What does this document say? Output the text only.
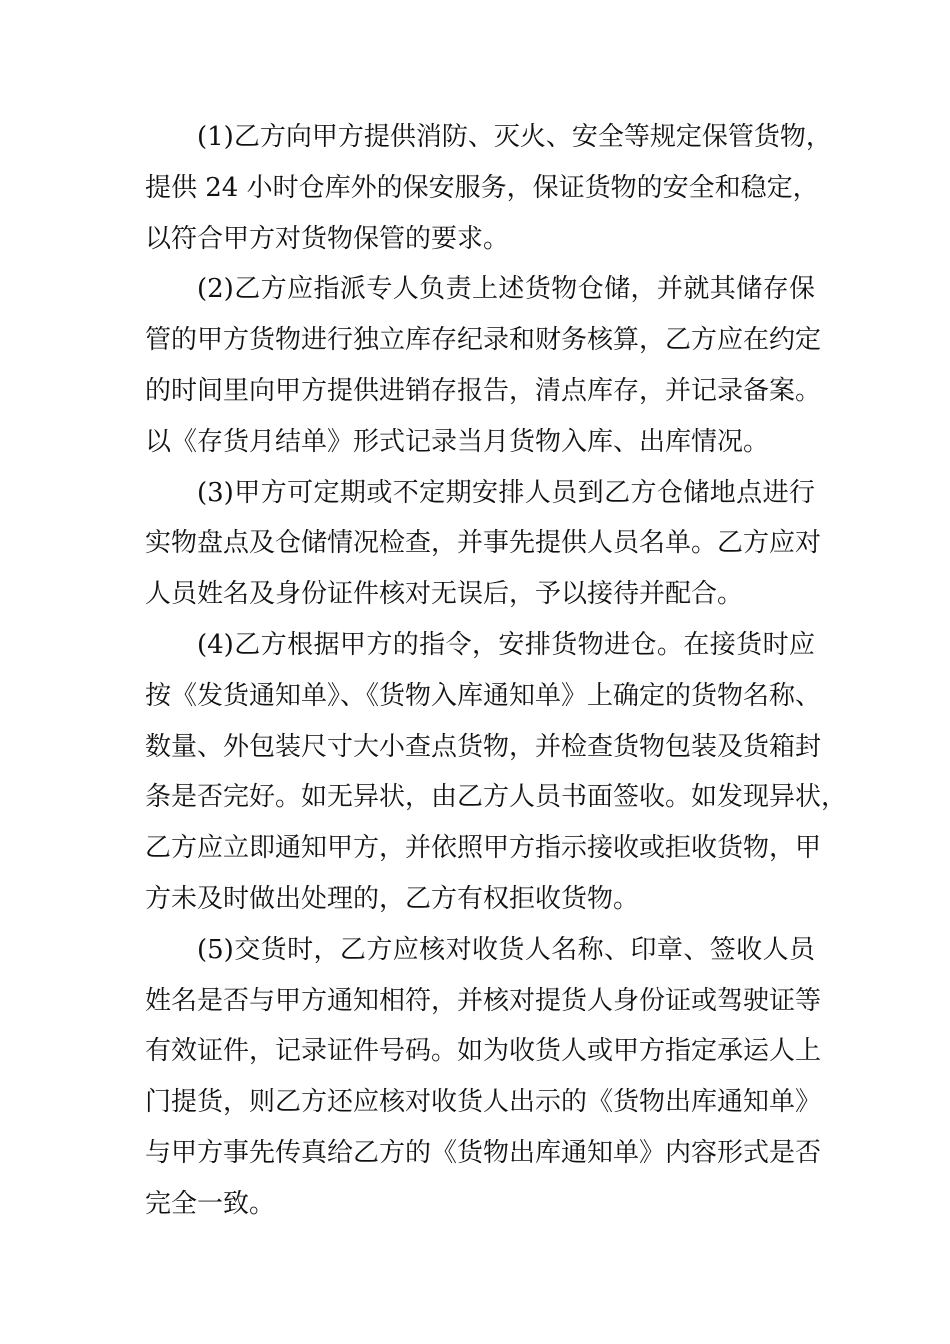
(1)乙方向甲方提供消防、灭火、安全等规定保管货物，
提供 24 小时仓库外的保安服务，保证货物的安全和稳定，
以符合甲方对货物保管的要求。
(2)乙方应指派专人负责上述货物仓储，并就其储存保
管的甲方货物进行独立库存纪录和财务核算，乙方应在约定
的时间里向甲方提供进销存报告，清点库存，并记录备案。
以《存货月结单》形式记录当月货物入库、出库情况。
(3)甲方可定期或不定期安排人员到乙方仓储地点进行
实物盘点及仓储情况检查，并事先提供人员名单。乙方应对
人员姓名及身份证件核对无误后，予以接待并配合。
(4)乙方根据甲方的指令，安排货物进仓。在接货时应
按《发货通知单》、《货物入库通知单》上确定的货物名称、
数量、外包装尺寸大小查点货物，并检查货物包装及货箱封
条是否完好。如无异状，由乙方人员书面签收。如发现异状，
乙方应立即通知甲方，并依照甲方指示接收或拒收货物，甲
方未及时做出处理的，乙方有权拒收货物。
(5)交货时，乙方应核对收货人名称、印章、签收人员
姓名是否与甲方通知相符，并核对提货人身份证或驾驶证等
有效证件，记录证件号码。如为收货人或甲方指定承运人上
门提货，则乙方还应核对收货人出示的《货物出库通知单》
与甲方事先传真给乙方的《货物出库通知单》内容形式是否
完全一致。
